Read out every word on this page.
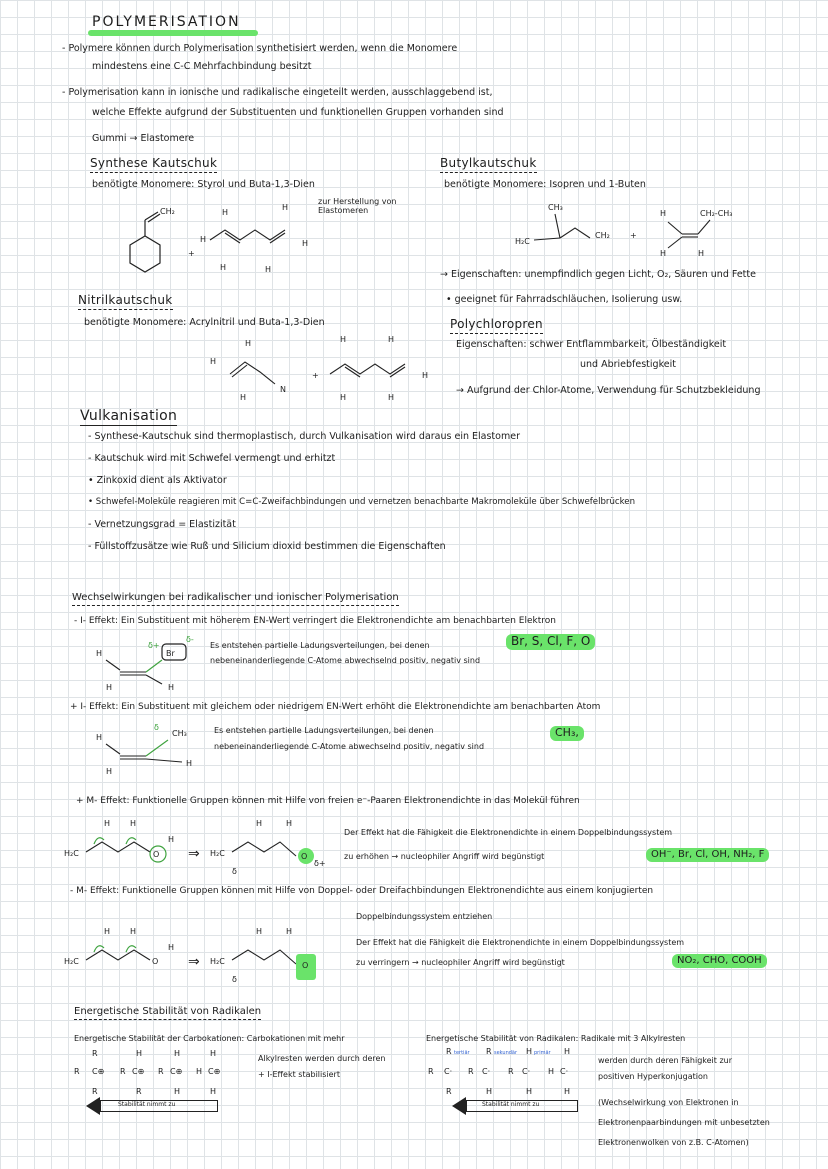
POLYMERISATION
- Polymere können durch Polymerisation synthetisiert werden, wenn die Monomere
mindestens eine C-C Mehrfachbindung besitzt
- Polymerisation kann in ionische und radikalische eingeteilt werden, ausschlaggebend ist,
welche Effekte aufgrund der Substituenten und funktionellen Gruppen vorhanden sind
Gummi → Elastomere
Synthese Kautschuk
benötigte Monomere: Styrol und Buta-1,3-Dien
zur Herstellung von Elastomeren
CH₂
+
H
H
H	H
H
H
Butylkautschuk
benötigte Monomere: Isopren und 1-Buten
CH₃
H₂C
CH₂	+
CH₂-CH₃
H
H	H
→ Eigenschaften: unempfindlich gegen Licht, O₂, Säuren und Fette
• geeignet für Fahrradschläuchen, Isolierung usw.
Nitrilkautschuk
benötigte Monomere: Acrylnitril und Buta-1,3-Dien
N
H
H
H
+
H	H
H	H
H
Polychloropren
Eigenschaften: schwer Entflammbarkeit, Ölbeständigkeit
und Abriebfestigkeit
→ Aufgrund der Chlor-Atome, Verwendung für Schutzbekleidung
Vulkanisation
- Synthese-Kautschuk sind thermoplastisch, durch Vulkanisation wird daraus ein Elastomer
- Kautschuk wird mit Schwefel vermengt und erhitzt
• Zinkoxid dient als Aktivator
• Schwefel-Moleküle reagieren mit C=C-Zweifachbindungen und vernetzen benachbarte Makromoleküle über Schwefelbrücken
- Vernetzungsgrad = Elastizität
- Füllstoffzusätze wie Ruß und Silicium dioxid bestimmen die Eigenschaften
Wechselwirkungen bei radikalischer und ionischer Polymerisation
- I- Effekt: Ein Substituent mit höherem EN-Wert verringert die Elektronendichte am benachbarten Elektron
H
H	H
Br
δ+
δ-
Es entstehen partielle Ladungsverteilungen, bei denen
nebeneinanderliegende C-Atome abwechselnd positiv, negativ sind
Br, S, Cl, F, O
+ I- Effekt: Ein Substituent mit gleichem oder niedrigem EN-Wert erhöht die Elektronendichte am benachbarten Atom
H
H
H
CH₃
δ	Es entstehen partielle Ladungsverteilungen, bei denen
nebeneinanderliegende C-Atome abwechselnd positiv, negativ sind
CH₃,
+ M- Effekt: Funktionelle Gruppen können mit Hilfe von freien e⁻-Paaren Elektronendichte in das Molekül führen
H₂C	O
H H
H
⇒ H₂C	O
δ+
δ
H	H
Der Effekt hat die Fähigkeit die Elektronendichte in einem Doppelbindungssystem
zu erhöhen → nucleophiler Angriff wird begünstigt	OH⁻, Br, Cl, OH, NH₂, F
- M- Effekt: Funktionelle Gruppen können mit Hilfe von Doppel- oder Dreifachbindungen Elektronendichte aus einem konjugierten
Doppelbindungssystem entziehen
H₂C	O
H H
H
⇒ H₂C	O
δ
H	H
Der Effekt hat die Fähigkeit die Elektronendichte in einem Doppelbindungssystem
zu verringern → nucleophiler Angriff wird begünstigt	NO₂, CHO, COOH
Energetische Stabilität von Radikalen
Energetische Stabilität der Carbokationen: Carbokationen mit mehr
R
R C⊕
R
H
R C⊕
R
H
R C⊕
H
H
H C⊕
H
Stabilität nimmt zu
Alkylresten werden durch deren
+ I-Effekt stabilisiert
Energetische Stabilität von Radikalen: Radikale mit 3 Alkylresten
R tertiär
R C·
R
R sekundär
R C·
H
H primär
R C·
H
H
H C·
H
Stabilität nimmt zu
werden durch deren Fähigkeit zur
positiven Hyperkonjugation
(Wechselwirkung von Elektronen in
Elektronenpaarbindungen mit unbesetzten
Elektronenwolken von z.B. C-Atomen)
